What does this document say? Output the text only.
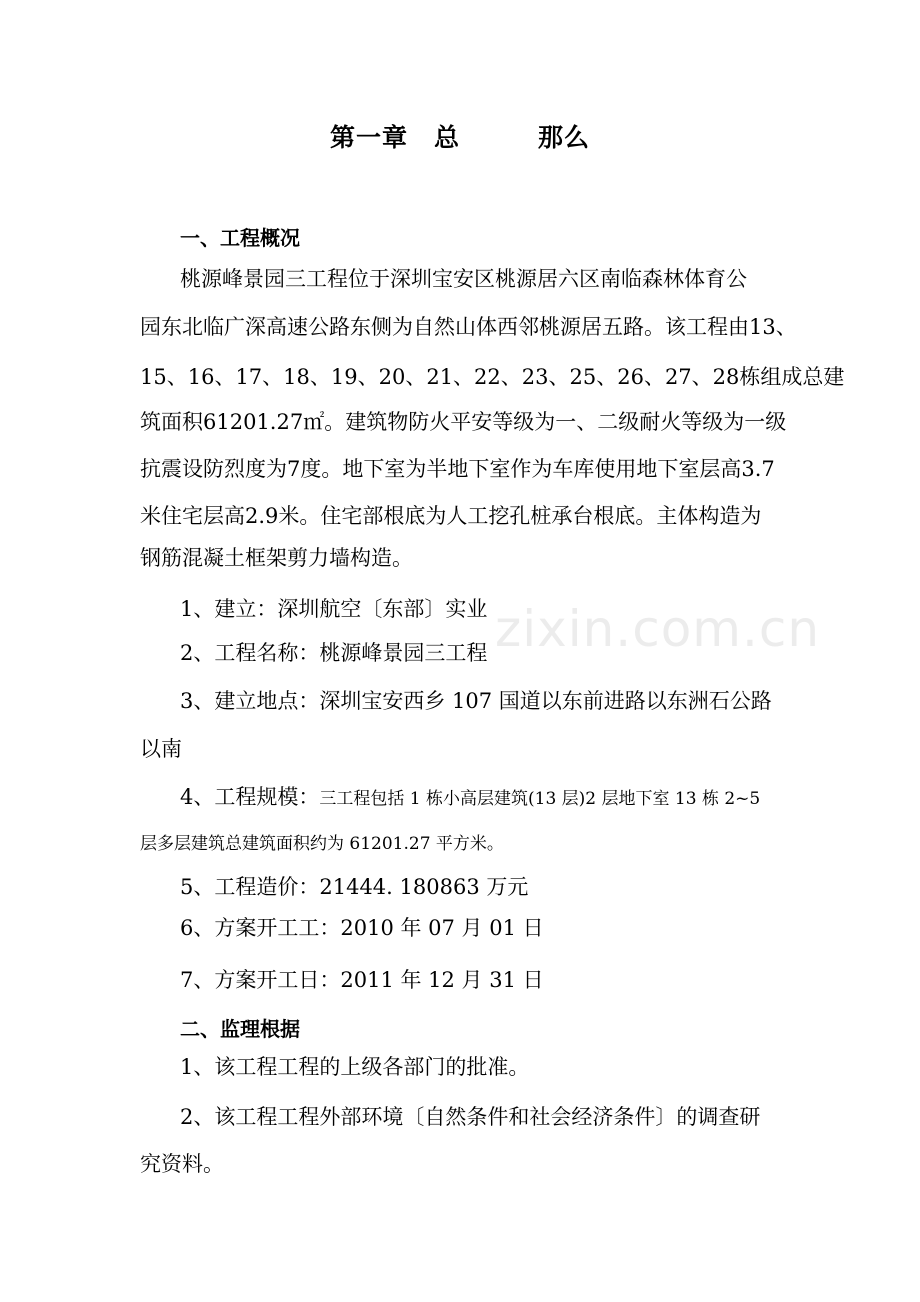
zixin.com.cn
第一章　总　　　那么
一、工程概况
桃源峰景园三工程位于深圳宝安区桃源居六区南临森林体育公
园东北临广深高速公路东侧为自然山体西邻桃源居五路。该工程由13、
15、16、17、18、19、20、21、22、23、25、26、27、28栋组成总建
筑面积61201.27㎡。建筑物防火平安等级为一、二级耐火等级为一级
抗震设防烈度为7度。地下室为半地下室作为车库使用地下室层高3.7
米住宅层高2.9米。住宅部根底为人工挖孔桩承台根底。主体构造为
钢筋混凝土框架剪力墙构造。
1、建立：深圳航空〔东部〕实业
2、工程名称：桃源峰景园三工程
3、建立地点：深圳宝安西乡 107 国道以东前进路以东洲石公路
以南
4、工程规模：三工程包括 1 栋小高层建筑(13 层)2 层地下室 13 栋 2~5
层多层建筑总建筑面积约为 61201.27 平方米。
5、工程造价：21444. 180863 万元
6、方案开工工：2010 年 07 月 01 日
7、方案开工日：2011 年 12 月 31 日
二、监理根据
1、该工程工程的上级各部门的批准。
2、该工程工程外部环境〔自然条件和社会经济条件〕的调查研
究资料。
